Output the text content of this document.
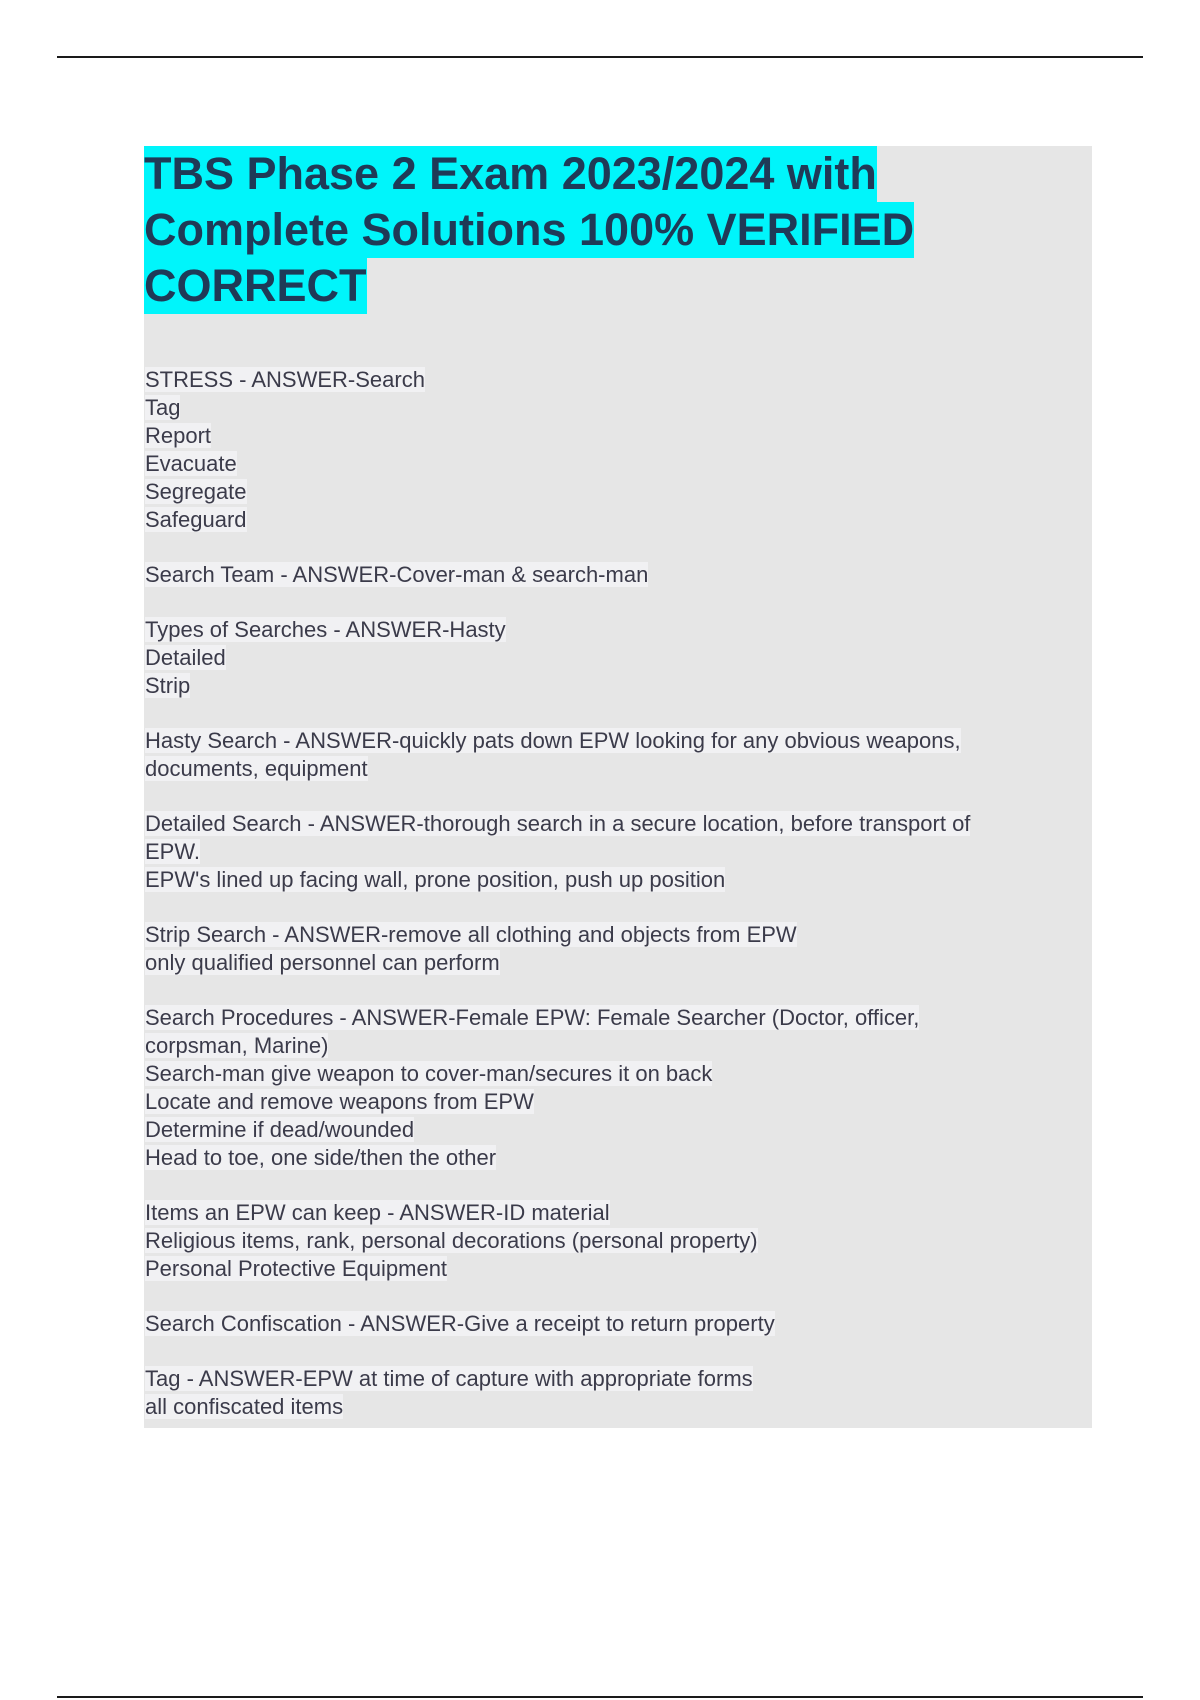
TBS Phase 2 Exam 2023/2024 with
Complete Solutions 100% VERIFIED
CORRECT
STRESS - ANSWER-Search
Tag
Report
Evacuate
Segregate
Safeguard
Search Team - ANSWER-Cover-man & search-man
Types of Searches - ANSWER-Hasty
Detailed
Strip
Hasty Search - ANSWER-quickly pats down EPW looking for any obvious weapons,
documents, equipment
Detailed Search - ANSWER-thorough search in a secure location, before transport of
EPW.
EPW's lined up facing wall, prone position, push up position
Strip Search - ANSWER-remove all clothing and objects from EPW
only qualified personnel can perform
Search Procedures - ANSWER-Female EPW: Female Searcher (Doctor, officer,
corpsman, Marine)
Search-man give weapon to cover-man/secures it on back
Locate and remove weapons from EPW
Determine if dead/wounded
Head to toe, one side/then the other
Items an EPW can keep - ANSWER-ID material
Religious items, rank, personal decorations (personal property)
Personal Protective Equipment
Search Confiscation - ANSWER-Give a receipt to return property
Tag - ANSWER-EPW at time of capture with appropriate forms
all confiscated items
